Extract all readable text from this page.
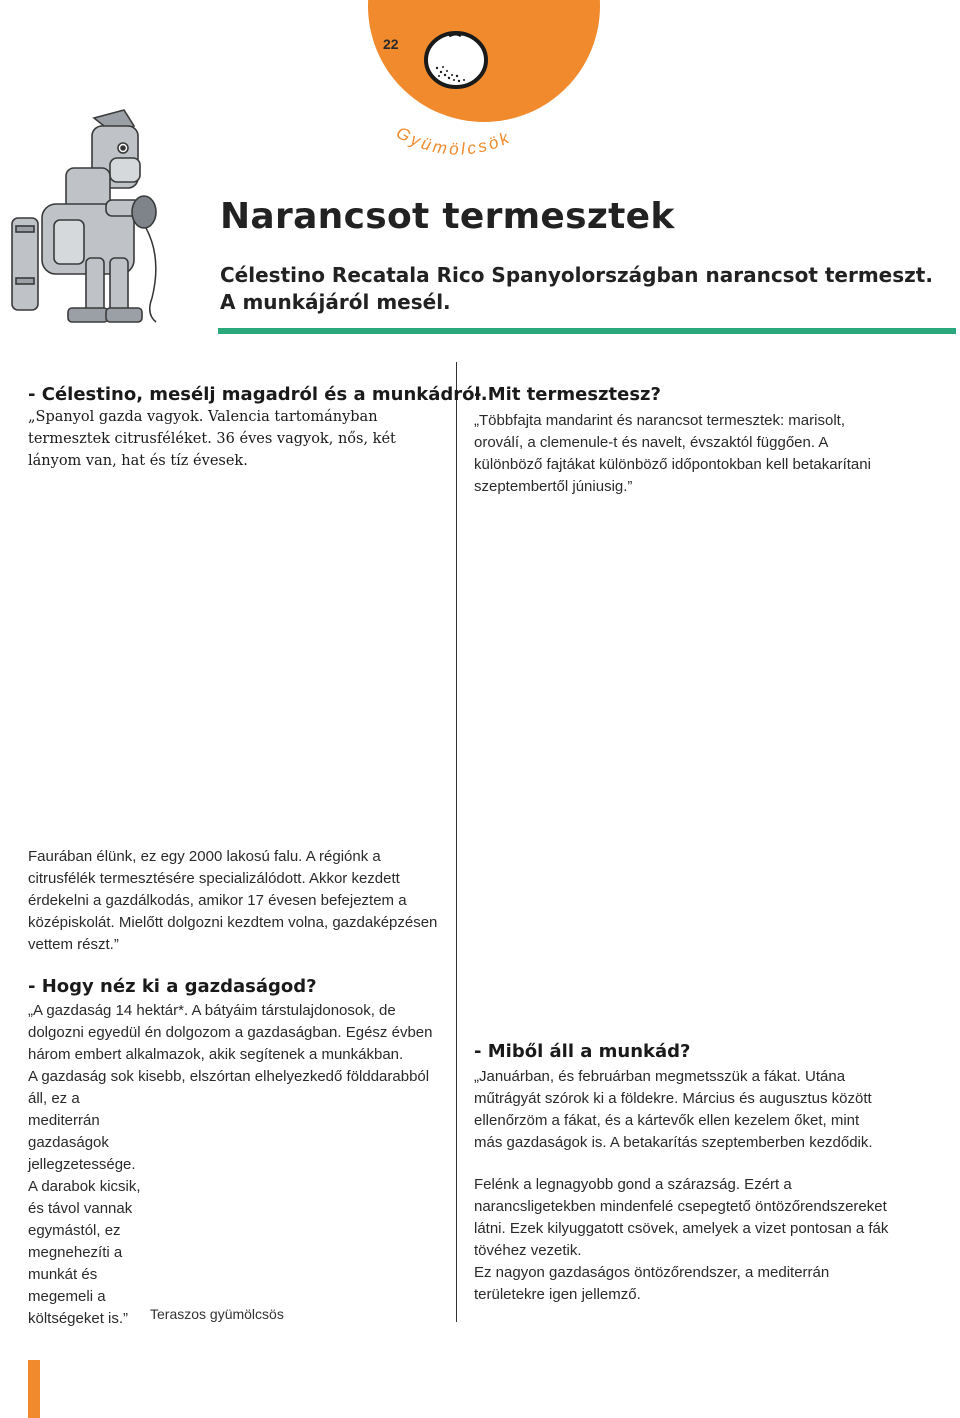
22
Gyümölcsök
Narancsot termesztek
Célestino Recatala Rico Spanyolországban narancsot termeszt.
A munkájáról mesél.
- Célestino, mesélj magadról és a munkádról.
„Spanyol gazda vagyok. Valencia tartományban termesztek citrusféléket. 36 éves vagyok, nős, két lányom van, hat és tíz évesek.
Faurában élünk, ez egy 2000 lakosú falu. A régiónk a citrusfélék termesztésére specializálódott. Akkor kezdett érdekelni a gazdálkodás, amikor 17 évesen befejeztem a középiskolát. Mielőtt dolgozni kezdtem volna, gazdaképzésen vettem részt.”
- Hogy néz ki a gazdaságod?
„A gazdaság 14 hektár*. A bátyáim társtulajdonosok, de dolgozni egyedül én dolgozom a gazdaságban. Egész évben három embert alkalmazok, akik segítenek a munkákban.
A gazdaság sok kisebb, elszórtan elhelyezkedő földdarabból
áll, ez a mediterrán gazdaságok jellegzetessége. A darabok kicsik, és távol vannak egymástól, ez megnehezíti a munkát és megemeli a költségeket is.”	Teraszos gyümölcsös
- Mit termesztesz?
„Többfajta mandarint és narancsot termesztek: marisolt, oroválí, a clemenule-t és navelt, évszaktól függően. A különböző fajtákat különböző időpontokban kell betakarítani szeptembertől júniusig.”
- Miből áll a munkád?
„Januárban, és februárban megmetsszük a fákat. Utána műtrágyát szórok ki a földekre. Március és augusztus között ellenőrzöm a fákat, és a kártevők ellen kezelem őket, mint más gazdaságok is. A betakarítás szeptemberben kezdődik.
Felénk a legnagyobb gond a szárazság. Ezért a narancsligetekben mindenfelé csepegtető öntözőrendszereket látni. Ezek kilyuggatott csövek, amelyek a vizet pontosan a fák tövéhez vezetik.
Ez nagyon gazdaságos öntözőrendszer, a mediterrán területekre igen jellemző.
